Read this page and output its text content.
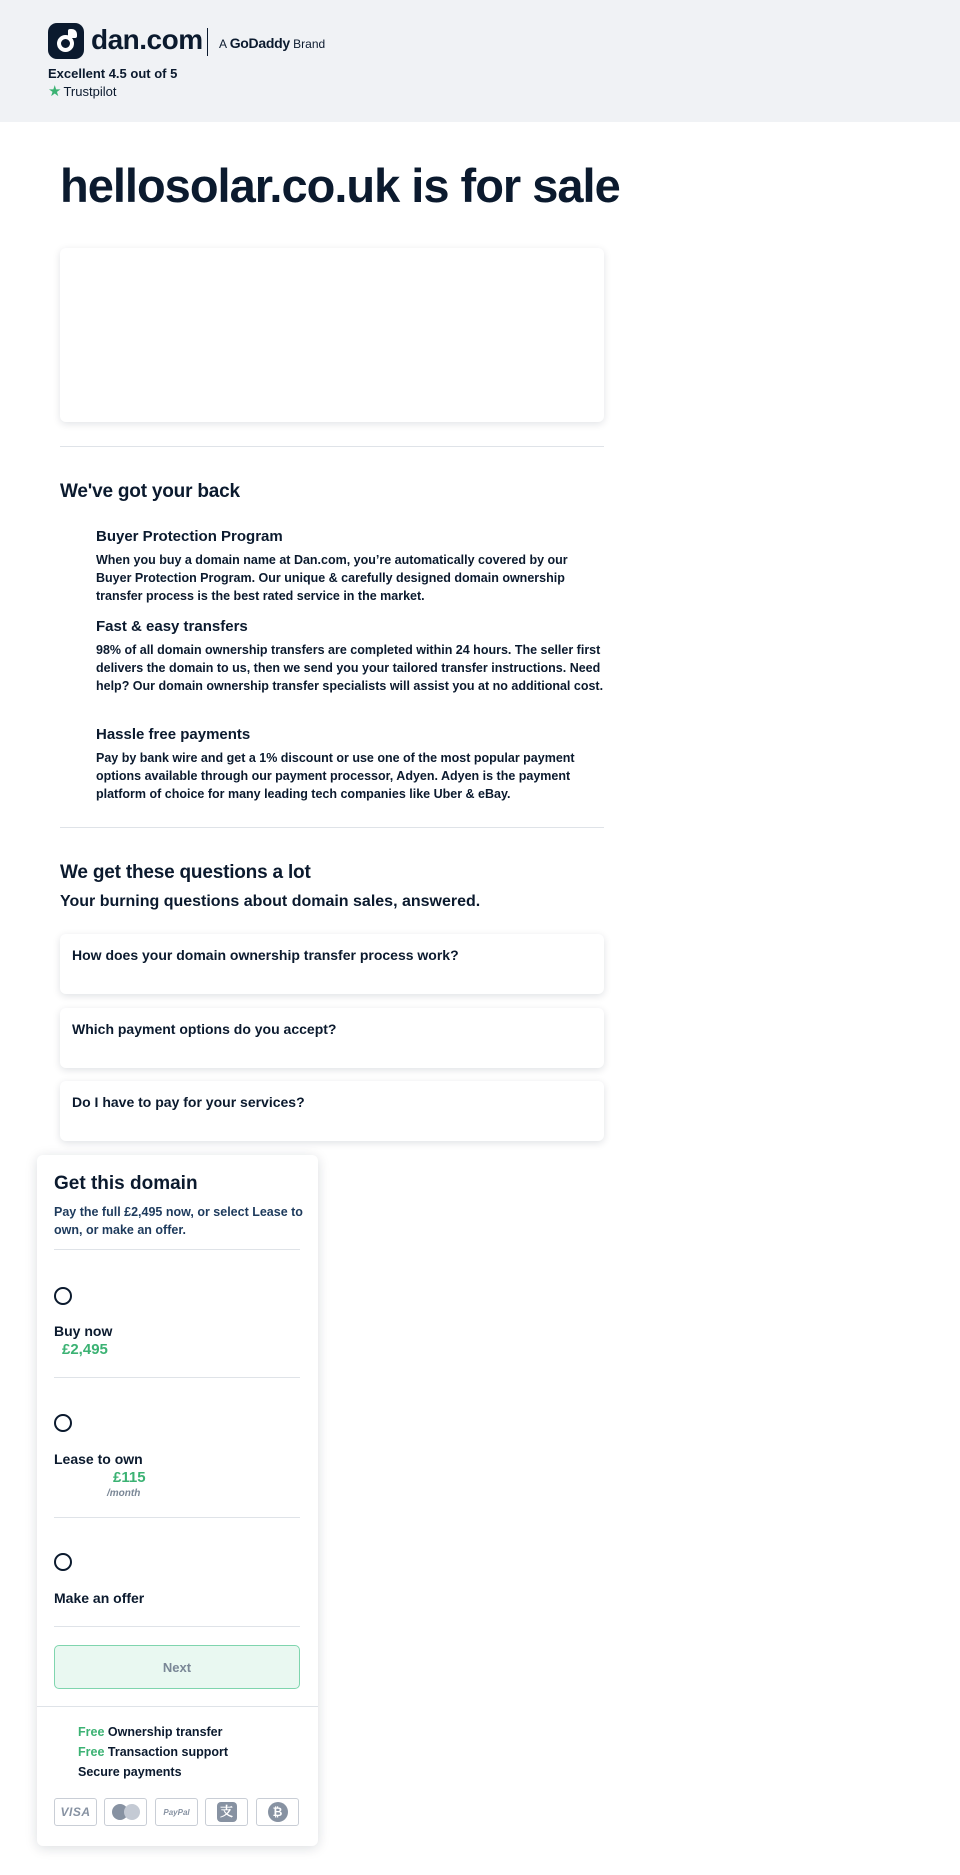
dan.com A GoDaddy Brand
Excellent 4.5 out of 5
★ Trustpilot
hellosolar.co.uk is for sale
We've got your back
Buyer Protection Program

When you buy a domain name at Dan.com, you’re automatically covered by our Buyer Protection Program. Our unique & carefully designed domain ownership transfer process is the best rated service in the market.

Fast & easy transfers

98% of all domain ownership transfers are completed within 24 hours. The seller first delivers the domain to us, then we send you your tailored transfer instructions. Need help? Our domain ownership transfer specialists will assist you at no additional cost.

Hassle free payments

Pay by bank wire and get a 1% discount or use one of the most popular payment options available through our payment processor, Adyen. Adyen is the payment platform of choice for many leading tech companies like Uber & eBay.

We get these questions a lot
Your burning questions about domain sales, answered.
How does your domain ownership transfer process work?
Which payment options do you accept?
Do I have to pay for your services?
Get this domain

Pay the full £2,495 now, or select Lease to own, or make an offer.

Buy now
£2,495
Lease to own
£115
/month
Make an offer
Next
Free Ownership transfer
Free Transaction support
Secure payments
VISA	PayPal	支	₿
